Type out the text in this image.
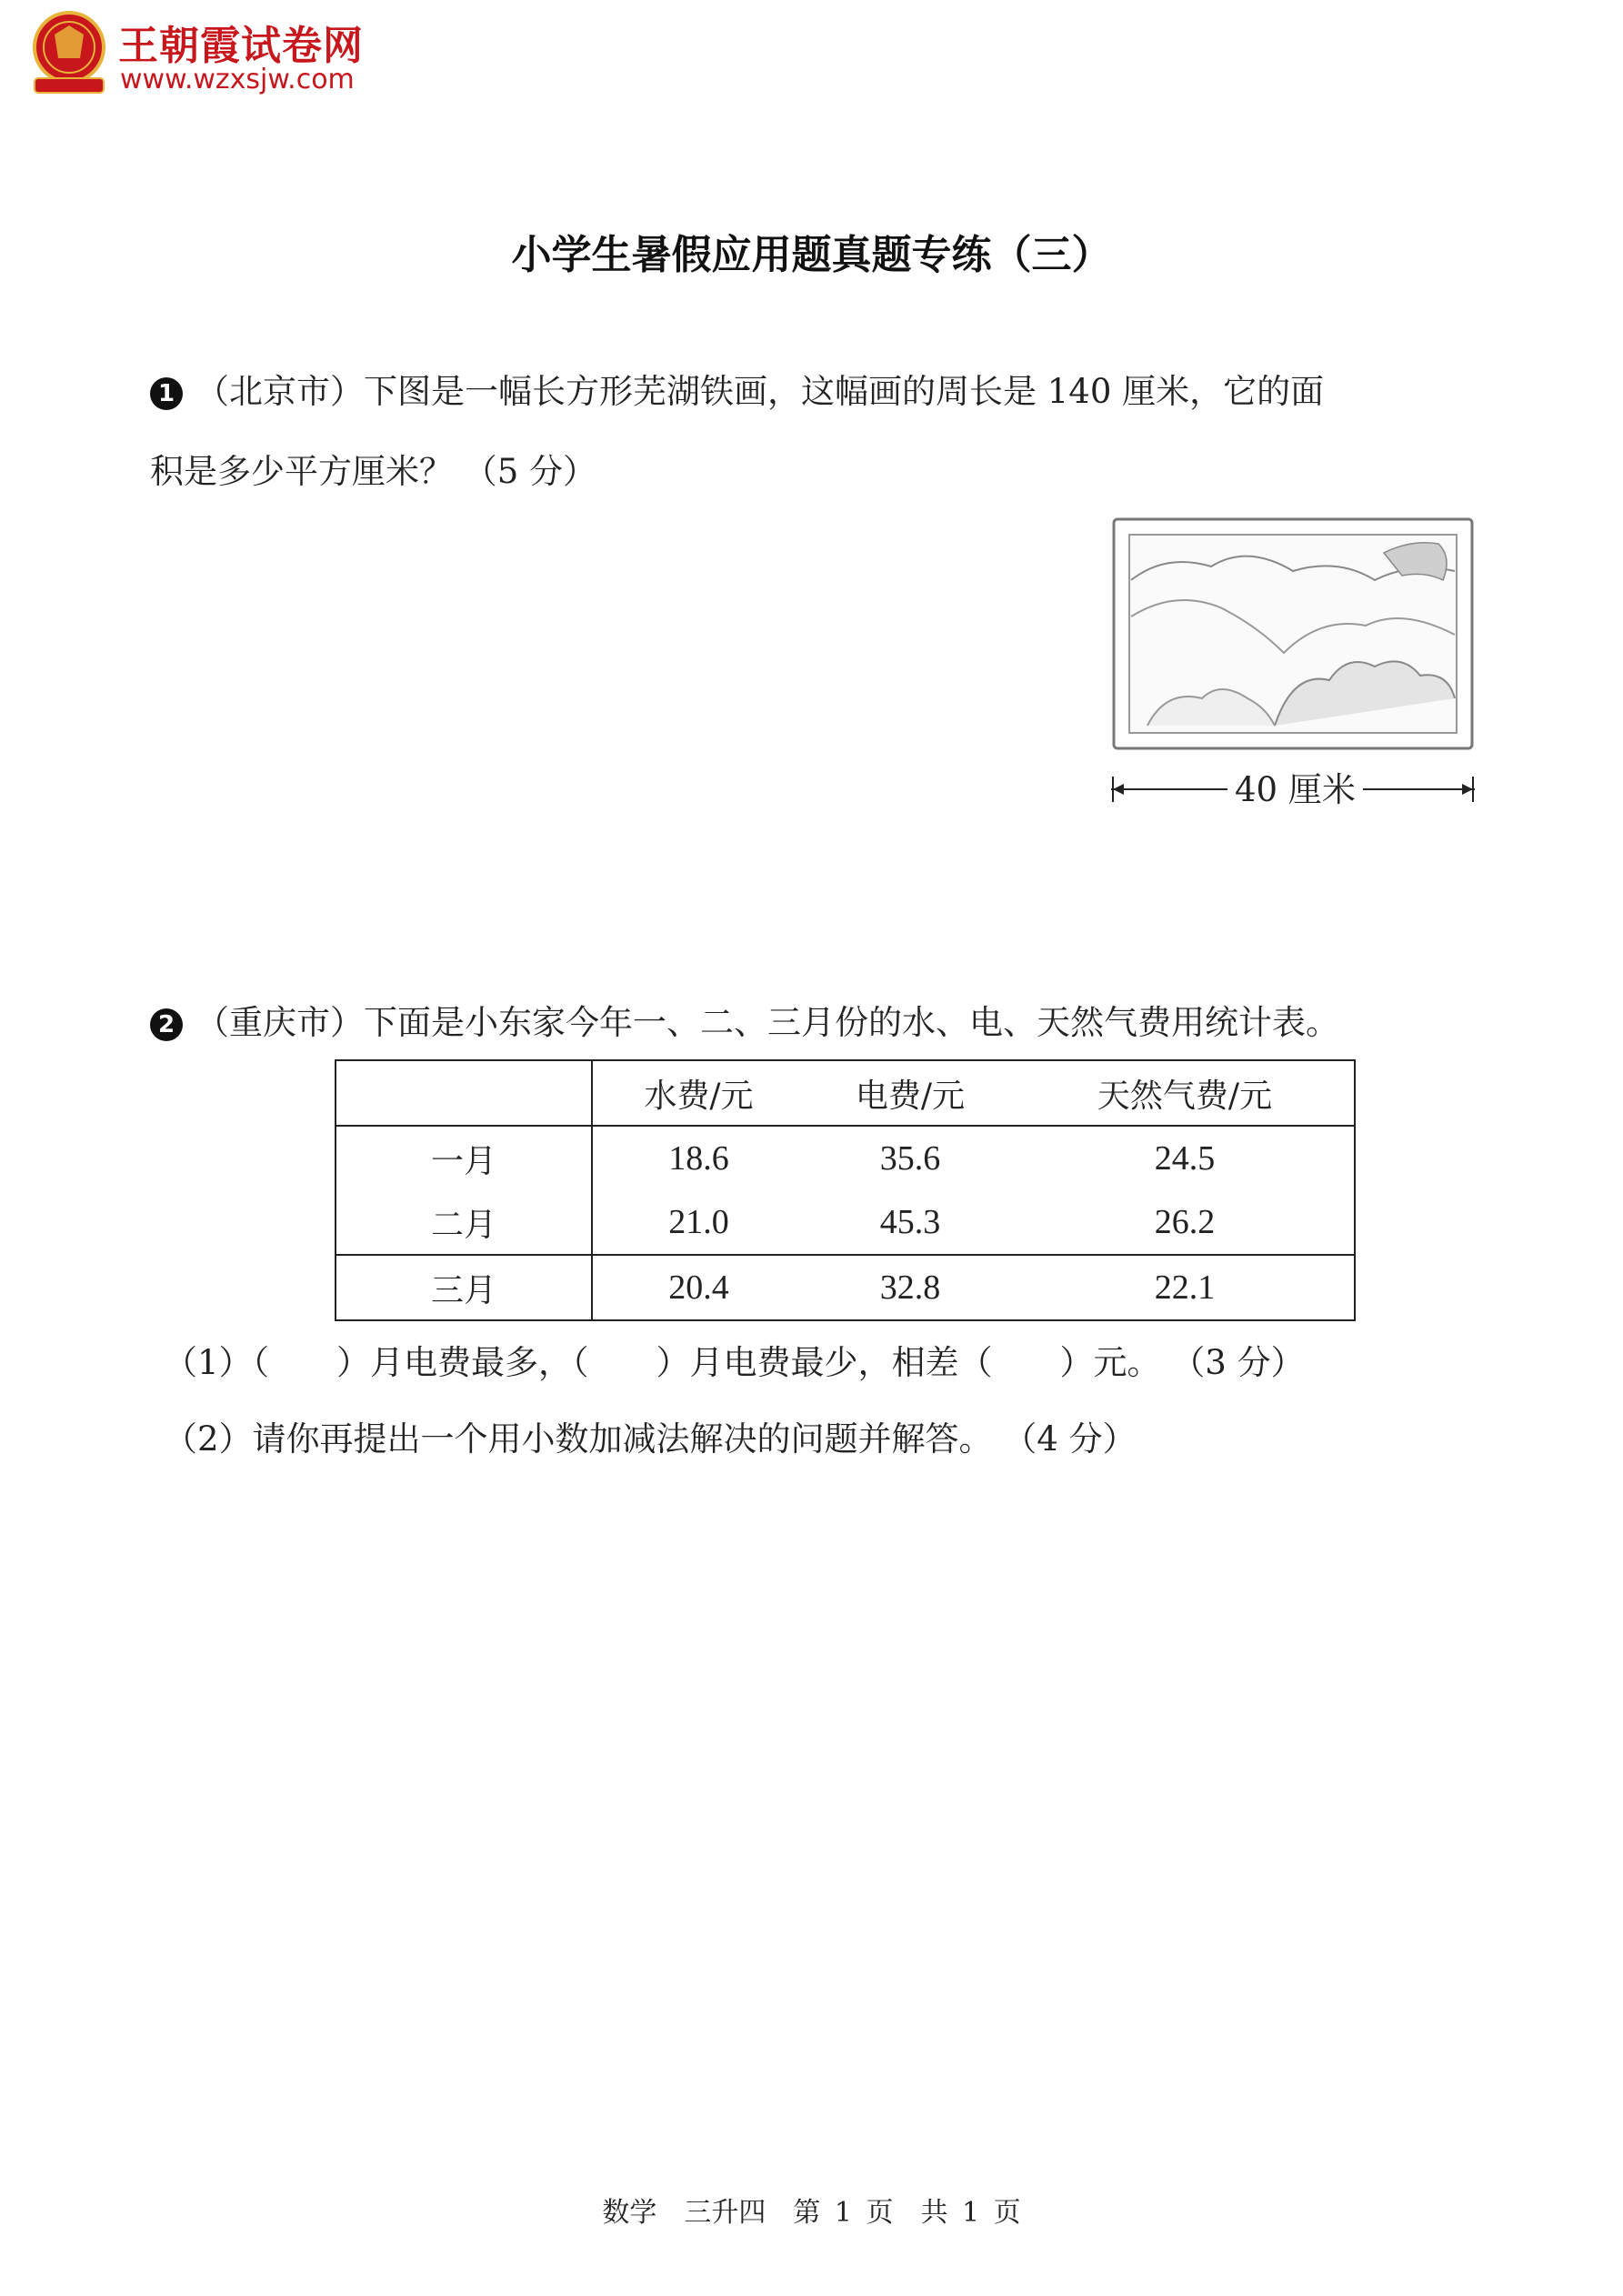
王朝霞试卷网
www.wzxsjw.com
小学生暑假应用题真题专练（三）
1 （北京市）下图是一幅长方形芜湖铁画，这幅画的周长是 140 厘米，它的面
积是多少平方厘米？ （5 分）
40 厘米
2 （重庆市）下面是小东家今年一、二、三月份的水、电、天然气费用统计表。
	水费/元	电费/元	天然气费/元
一月	18.6	35.6	24.5
二月	21.0	45.3	26.2
三月	20.4	32.8	22.1
（1）（　　）月电费最多，（　　）月电费最少，相差（　　）元。 （3 分）
（2）请你再提出一个用小数加减法解决的问题并解答。 （4 分）
数学　三升四　第 1 页　共 1 页
